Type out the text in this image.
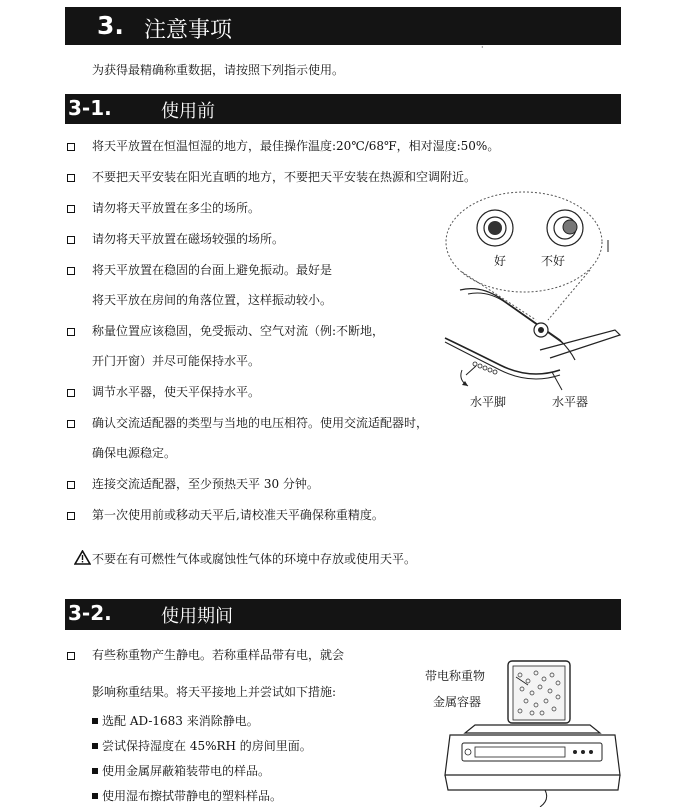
3. 注意事项
·
为获得最精确称重数据，请按照下列指示使用。
3-1.	使用前
将天平放置在恒温恒湿的地方，最佳操作温度:20℃/68℉，相对湿度:50%。
不要把天平安装在阳光直晒的地方，不要把天平安装在热源和空调附近。
请勿将天平放置在多尘的场所。
请勿将天平放置在磁场较强的场所。
将天平放置在稳固的台面上避免振动。最好是
将天平放在房间的角落位置，这样振动较小。
称量位置应该稳固，免受振动、空气对流（例:不断地，
开门开窗）并尽可能保持水平。
调节水平器，使天平保持水平。
确认交流适配器的类型与当地的电压相符。使用交流适配器时，
确保电源稳定。
连接交流适配器，至少预热天平 30 分钟。
第一次使用前或移动天平后,请校准天平确保称重精度。
不要在有可燃性气体或腐蚀性气体的环境中存放或使用天平。
好	不好
水平脚	水平器
3-2.	使用期间
有些称重物产生静电。若称重样品带有电，就会
影响称重结果。将天平接地上并尝试如下措施:
选配 AD-1683 来消除静电。
尝试保持湿度在 45%RH 的房间里面。
使用金属屏蔽箱装带电的样品。
使用湿布擦拭带静电的塑料样品。
带电称重物
金属容器
